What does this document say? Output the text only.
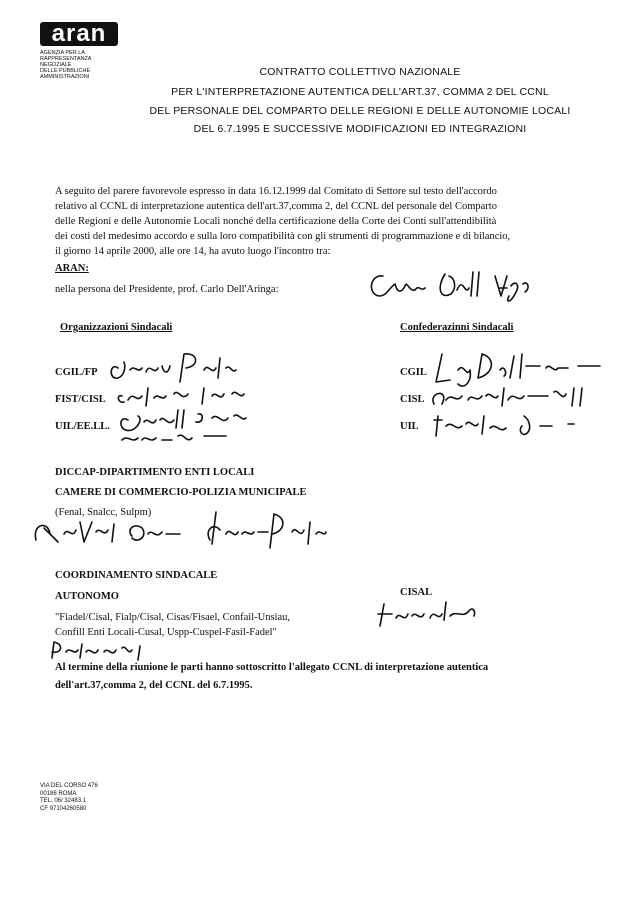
aran
AGENZIA PER LA
RAPPRESENTANZA
NEGOZIALE
DELLE PUBBLICHE
AMMINISTRAZIONI	CONTRATTO COLLETTIVO NAZIONALE
PER L'INTERPRETAZIONE AUTENTICA DELL'ART.37, COMMA 2 DEL CCNL
DEL PERSONALE DEL COMPARTO DELLE REGIONI E DELLE AUTONOMIE LOCALI
DEL 6.7.1995 E SUCCESSIVE MODIFICAZIONI ED INTEGRAZIONI
A seguito del parere favorevole espresso in data 16.12.1999 dal Comitato di Settore sul testo dell'accordo
relativo al CCNL di interpretazione autentica dell'art.37,comma 2, del CCNL del personale del Comparto
delle Regioni e delle Autonomie Locali nonché della certificazione della Corte dei Conti sull'attendibilità
dei costi del medesimo accordo e sulla loro compatibilità con gli strumenti di programmazione e di bilancio,
il giorno 14 aprile 2000, alle ore 14, ha avuto luogo l'incontro tra:
ARAN:
nella persona del Presidente, prof. Carlo Dell'Aringa:
Organizzazioni Sindacali
CGIL/FP
FIST/CISL
UIL/EE.LL.
Confederazinni Sindacali
CGIL
CISL
UIL
DICCAP-DIPARTIMENTO ENTI LOCALI
CAMERE DI COMMERCIO-POLIZIA MUNICIPALE
(Fenal, Snalcc, Sulpm)
COORDINAMENTO SINDACALE
AUTONOMO
"Fiadel/Cisal, Fialp/Cisal, Cisas/Fisael, Confail-Unsiau,
Confill Enti Locali-Cusal, Uspp-Cuspel-Fasil-Fadel"
CISAL
Al termine della riunione le parti hanno sottoscritto l'allegato CCNL di interpretazione autentica
dell'art.37,comma 2, del CCNL del 6.7.1995.
VIA DEL CORSO 476
00186 ROMA
TEL. 06/ 32483.1
CF 97104260580
